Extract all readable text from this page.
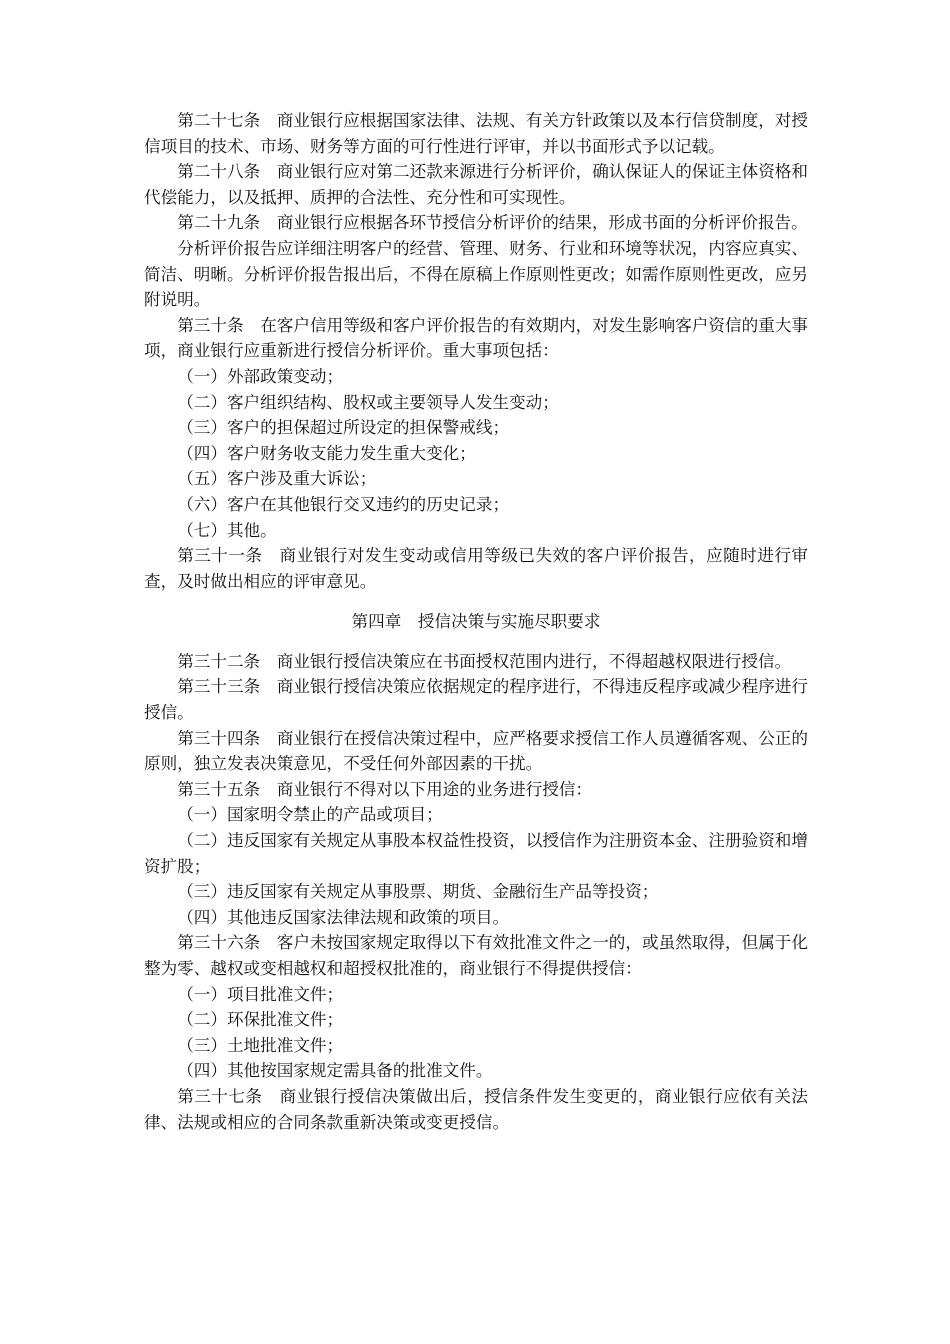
第二十七条　商业银行应根据国家法律、法规、有关方针政策以及本行信贷制度，对授信项目的技术、市场、财务等方面的可行性进行评审，并以书面形式予以记载。

第二十八条　商业银行应对第二还款来源进行分析评价，确认保证人的保证主体资格和代偿能力，以及抵押、质押的合法性、充分性和可实现性。

第二十九条　商业银行应根据各环节授信分析评价的结果，形成书面的分析评价报告。

分析评价报告应详细注明客户的经营、管理、财务、行业和环境等状况，内容应真实、简洁、明晰。分析评价报告报出后，不得在原稿上作原则性更改；如需作原则性更改，应另附说明。

第三十条　在客户信用等级和客户评价报告的有效期内，对发生影响客户资信的重大事项，商业银行应重新进行授信分析评价。重大事项包括：

（一）外部政策变动；

（二）客户组织结构、股权或主要领导人发生变动；

（三）客户的担保超过所设定的担保警戒线；

（四）客户财务收支能力发生重大变化；

（五）客户涉及重大诉讼；

（六）客户在其他银行交叉违约的历史记录；

（七）其他。

第三十一条　商业银行对发生变动或信用等级已失效的客户评价报告，应随时进行审查，及时做出相应的评审意见。

第四章　授信决策与实施尽职要求

第三十二条　商业银行授信决策应在书面授权范围内进行，不得超越权限进行授信。

第三十三条　商业银行授信决策应依据规定的程序进行，不得违反程序或减少程序进行授信。

第三十四条　商业银行在授信决策过程中，应严格要求授信工作人员遵循客观、公正的原则，独立发表决策意见，不受任何外部因素的干扰。

第三十五条　商业银行不得对以下用途的业务进行授信：

（一）国家明令禁止的产品或项目；

（二）违反国家有关规定从事股本权益性投资，以授信作为注册资本金、注册验资和增资扩股；

（三）违反国家有关规定从事股票、期货、金融衍生产品等投资；

（四）其他违反国家法律法规和政策的项目。

第三十六条　客户未按国家规定取得以下有效批准文件之一的，或虽然取得，但属于化整为零、越权或变相越权和超授权批准的，商业银行不得提供授信：

（一）项目批准文件；

（二）环保批准文件；

（三）土地批准文件；

（四）其他按国家规定需具备的批准文件。

第三十七条　商业银行授信决策做出后，授信条件发生变更的，商业银行应依有关法律、法规或相应的合同条款重新决策或变更授信。
